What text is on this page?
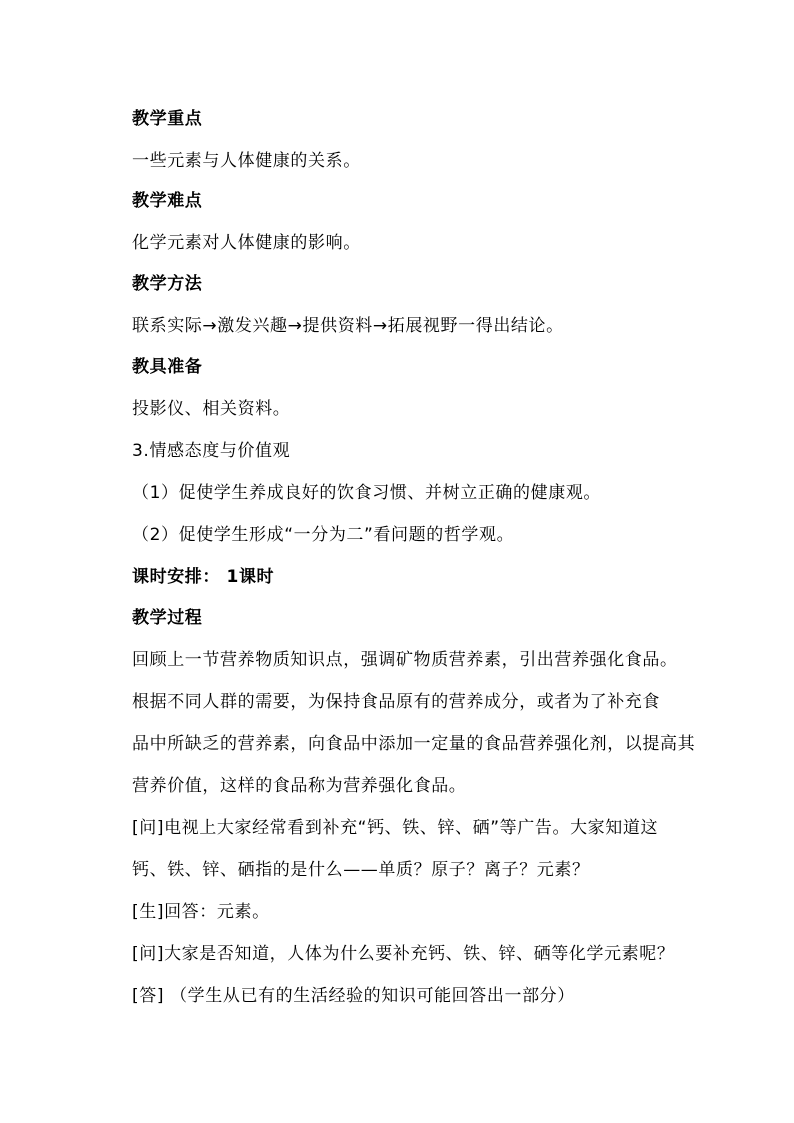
教学重点
一些元素与人体健康的关系。
教学难点
化学元素对人体健康的影响。
教学方法
联系实际→激发兴趣→提供资料→拓展视野一得出结论。
教具准备
投影仪、相关资料。
3.情感态度与价值观
（1）促使学生养成良好的饮食习惯、并树立正确的健康观。
（2）促使学生形成“一分为二”看问题的哲学观。
课时安排： 1课时
教学过程
回顾上一节营养物质知识点，强调矿物质营养素，引出营养强化食品。
根据不同人群的需要，为保持食品原有的营养成分，或者为了补充食
品中所缺乏的营养素，向食品中添加一定量的食品营养强化剂，以提高其
营养价值，这样的食品称为营养强化食品。
[问]电视上大家经常看到补充“钙、铁、锌、硒”等广告。大家知道这
钙、铁、锌、硒指的是什么——单质？原子？离子？元素？
[生]回答：元素。
[问]大家是否知道，人体为什么要补充钙、铁、锌、硒等化学元素呢？
[答] （学生从已有的生活经验的知识可能回答出一部分）
